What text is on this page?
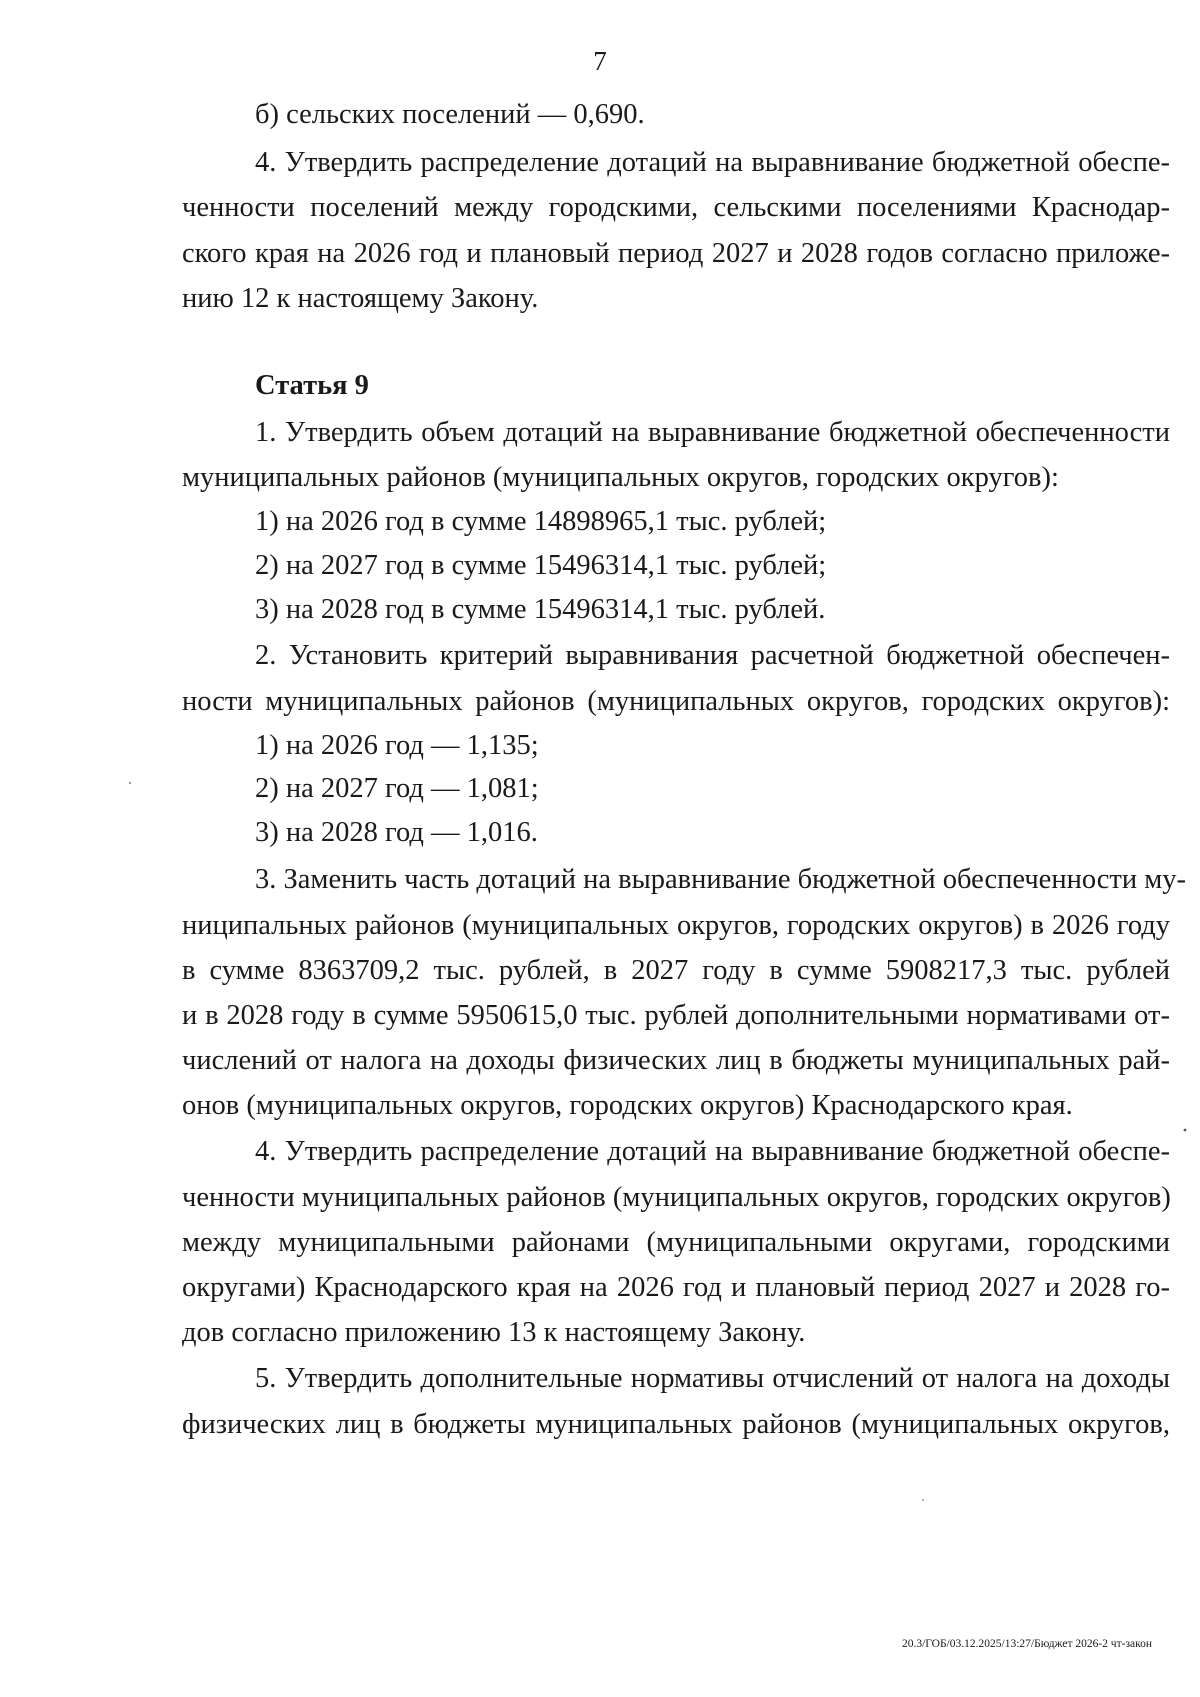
7
б) сельских поселений — 0,690.
4. Утвердить распределение дотаций на выравнивание бюджетной обеспе-
ченности поселений между городскими, сельскими поселениями Краснодар-
ского края на 2026 год и плановый период 2027 и 2028 годов согласно приложе-
нию 12 к настоящему Закону.
Статья 9
1. Утвердить объем дотаций на выравнивание бюджетной обеспеченности
муниципальных районов (муниципальных округов, городских округов):
1) на 2026 год в сумме 14898965,1 тыс. рублей;
2) на 2027 год в сумме 15496314,1 тыс. рублей;
3) на 2028 год в сумме 15496314,1 тыс. рублей.
2. Установить критерий выравнивания расчетной бюджетной обеспечен-
ности муниципальных районов (муниципальных округов, городских округов):
1) на 2026 год — 1,135;
2) на 2027 год — 1,081;
3) на 2028 год — 1,016.
3. Заменить часть дотаций на выравнивание бюджетной обеспеченности му-
ниципальных районов (муниципальных округов, городских округов) в 2026 году
в сумме 8363709,2 тыс. рублей, в 2027 году в сумме 5908217,3 тыс. рублей
и в 2028 году в сумме 5950615,0 тыс. рублей дополнительными нормативами от-
числений от налога на доходы физических лиц в бюджеты муниципальных рай-
онов (муниципальных округов, городских округов) Краснодарского края.
4. Утвердить распределение дотаций на выравнивание бюджетной обеспе-
ченности муниципальных районов (муниципальных округов, городских округов)
между муниципальными районами (муниципальными округами, городскими
округами) Краснодарского края на 2026 год и плановый период 2027 и 2028 го-
дов согласно приложению 13 к настоящему Закону.
5. Утвердить дополнительные нормативы отчислений от налога на доходы
физических лиц в бюджеты муниципальных районов (муниципальных округов,
20.3/ГОБ/03.12.2025/13:27/Бюджет 2026-2 чт-закон
